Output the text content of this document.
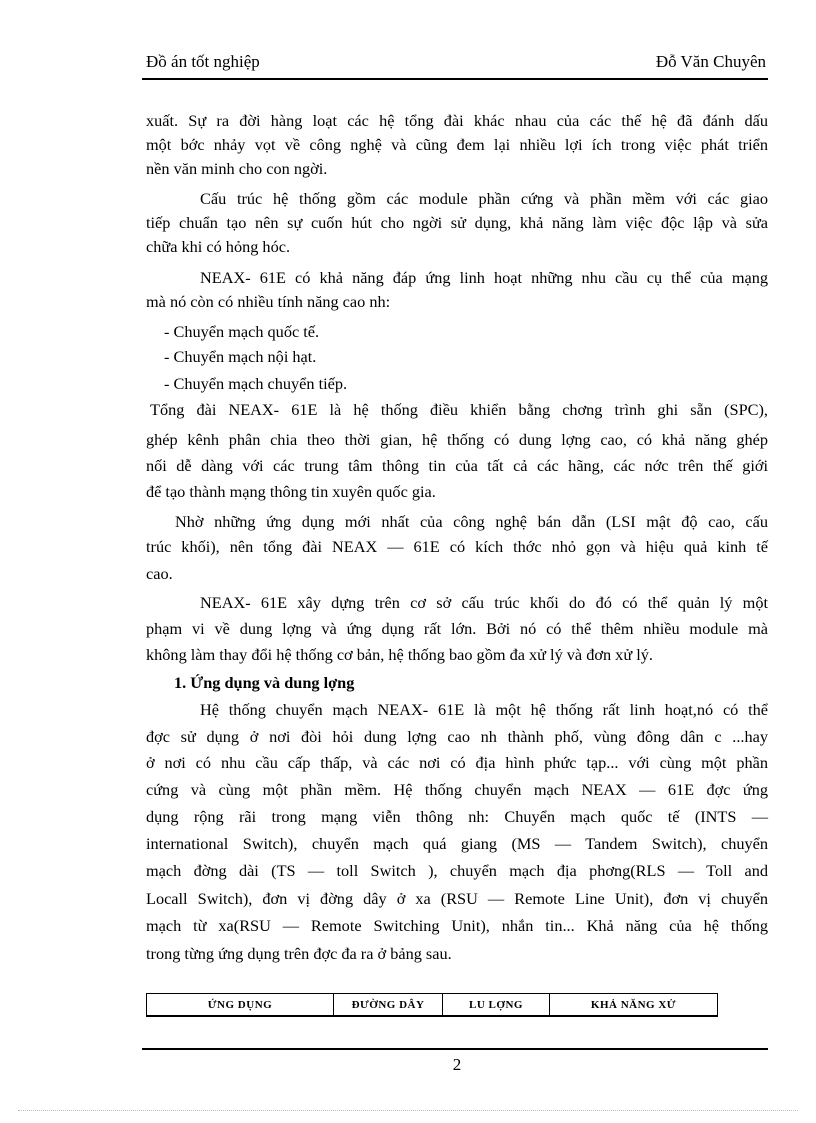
Đồ án tốt nghiệp	Đỗ Văn Chuyên
xuất. Sự ra đời hàng loạt các hệ tổng đài khác nhau của các thế hệ đã đánh dấu
một bớc nhảy vọt về công nghệ và cũng đem lại nhiều lợi ích trong việc phát triển
nền văn minh cho con ngời.
Cấu trúc hệ thống gồm các module phần cứng và phần mềm với các giao
tiếp chuẩn tạo nên sự cuốn hút cho ngời sử dụng, khả năng làm việc độc lập và sửa
chữa khi có hỏng hóc.
NEAX- 61E có khả năng đáp ứng linh hoạt những nhu cầu cụ thể của mạng
mà nó còn có nhiều tính năng cao nh:
- Chuyển mạch quốc tế.
- Chuyển mạch nội hạt.
- Chuyển mạch chuyển tiếp.
Tổng đài NEAX- 61E là hệ thống điều khiển bằng chơng trình ghi sẵn (SPC),
ghép kênh phân chia theo thời gian, hệ thống có dung lợng cao, có khả năng ghép
nối dễ dàng với các trung tâm thông tin của tất cả các hãng, các nớc trên thế giới
để tạo thành mạng thông tin xuyên quốc gia.
Nhờ những ứng dụng mới nhất của công nghệ bán dẫn (LSI mật độ cao, cấu
trúc khối), nên tổng đài NEAX — 61E có kích thớc nhỏ gọn và hiệu quả kinh tế
cao.
NEAX- 61E xây dựng trên cơ sở cấu trúc khối do đó có thể quản lý một
phạm vi về dung lợng và ứng dụng rất lớn. Bởi nó có thể thêm nhiều module mà
không làm thay đổi hệ thống cơ bản, hệ thống bao gồm đa xử lý và đơn xử lý.
1. Ứng dụng và dung lợng
Hệ thống chuyển mạch NEAX- 61E là một hệ thống rất linh hoạt,nó có thể
đợc sử dụng ở nơi đòi hỏi dung lợng cao nh thành phố, vùng đông dân c ...hay
ở nơi có nhu cầu cấp thấp, và các nơi có địa hình phức tạp... với cùng một phần
cứng và cùng một phần mềm. Hệ thống chuyển mạch NEAX — 61E đợc ứng
dụng rộng rãi trong mạng viễn thông nh: Chuyển mạch quốc tế (INTS —
international Switch), chuyển mạch quá giang (MS — Tandem Switch), chuyển
mạch đờng dài (TS — toll Switch ), chuyển mạch địa phơng(RLS — Toll and
Locall Switch), đơn vị đờng dây ở xa (RSU — Remote Line Unit), đơn vị chuyển
mạch từ xa(RSU — Remote Switching Unit), nhắn tin... Khả năng của hệ thống
trong từng ứng dụng trên đợc đa ra ở bảng sau.
ỨNG DỤNG	ĐƯỜNG DÂY	LU LỢNG	KHẢ NĂNG XỬ
2
